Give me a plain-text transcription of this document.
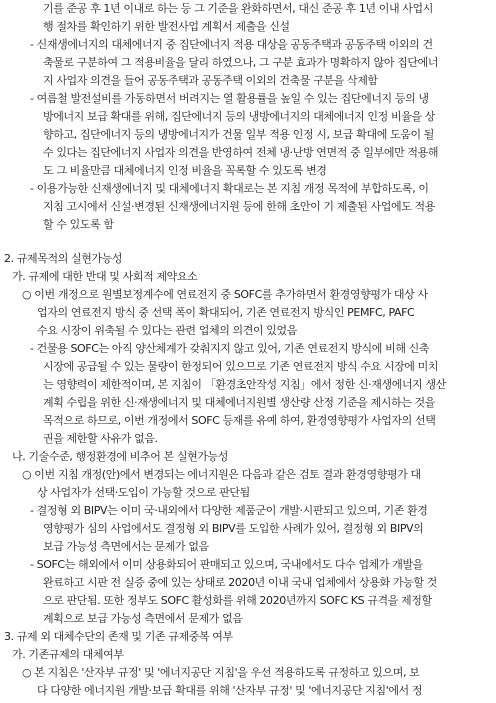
기를 준공 후 1년 이내로 하는 등 그 기준을 완화하면서, 대신 준공 후 1년 이내 사업시
행 절차를 확인하기 위한 발전사업 계획서 제출을 신설
- 신재생에너지의 대체에너지 중 집단에너지 적용 대상을 공동주택과 공동주택 이외의 건
축물로 구분하여 그 적용비율을 달리 하였으나, 그 구분 효과가 명확하지 않아 집단에너
지 사업자 의견을 들어 공동주택과 공동주택 이외의 건축물 구분을 삭제함
- 여름철 발전설비를 가동하면서 버려지는 열 활용률을 높일 수 있는 집단에너지 등의 냉
방에너지 보급 확대를 위해, 집단에너지 등의 냉방에너지의 대체에너지 인정 비율을 상
향하고, 집단에너지 등의 냉방에너지가 건물 일부 적용 인정 시, 보급 확대에 도움이 될
수 있다는 집단에너지 사업자 의견을 반영하여 전체 냉·난방 연면적 중 일부에만 적용해
도 그 비율만큼 대체에너지 인정 비율을 꼭록할 수 있도록 변경
- 이용가능한 신재생에너지 및 대체에너지 확대로는 본 지침 개정 목적에 부합하도록, 이
지침 고시에서 신설·변경된 신재생에너지원 등에 한해 초안이 기 제출된 사업에도 적용
할 수 있도록 함
2. 규제목적의 실현가능성
가. 규제에 대한 반대 및 사회적 제약요소
○ 이번 개정으로 원별보정계수에 연료전지 중 SOFC를 추가하면서 환경영향평가 대상 사
업자의 연료전지 방식 중 선택 폭이 확대되어, 기존 연료전지 방식인 PEMFC, PAFC
수요 시장이 위축될 수 있다는 관련 업체의 의견이 있었음
- 건물용 SOFC는 아직 양산체계가 갖춰지지 않고 있어, 기존 연료전지 방식에 비해 신축
시장에 공급될 수 있는 물량이 한정되어 있으므로 기존 연료전지 방식 수요 시장에 미치
는 영향력이 제한적이며, 본 지침이 「환경초안작성 지침」에서 정한 신·재생에너지 생산
계획 수립을 위한 신·재생에너지 및 대체에너지원별 생산량 산정 기준을 제시하는 것을
목적으로 하므로, 이번 개정에서 SOFC 등재를 유예 하여, 환경영향평가 사업자의 선택
권을 제한할 사유가 없음.
나. 기술수준, 행정환경에 비추어 본 실현가능성
○ 이번 지침 개정(안)에서 변경되는 에너지원은 다음과 같은 검토 결과 환경영향평가 대
상 사업자가 선택·도입이 가능할 것으로 판단됨
- 결정형 외 BIPV는 이미 국·내외에서 다양한 제품군이 개발·시판되고 있으며, 기존 환경
영향평가 심의 사업에서도 결정형 외 BIPV를 도입한 사례가 있어, 결정형 외 BIPV의
보급 가능성 측면에서는 문제가 없음
- SOFC는 해외에서 이미 상용화되어 판매되고 있으며, 국내에서도 다수 업체가 개발을
완료하고 시판 전 실증 중에 있는 상태로 2020년 이내 국내 업체에서 상용화 가능할 것
으로 판단됨. 또한 정부도 SOFC 활성화를 위해 2020년까지 SOFC KS 규격을 제정할
계획으로 보급 가능성 측면에서 문제가 없음
3. 규제 외 대체수단의 존재 및 기존 규제중복 여부
가. 기존규제의 대체여부
○ 본 지침은 '산자부 규정' 및 '에너지공단 지침'을 우선 적용하도록 규정하고 있으며, 보
다 다양한 에너지원 개발·보급 확대를 위해 '산자부 규정' 및 '에너지공단 지침'에서 정
